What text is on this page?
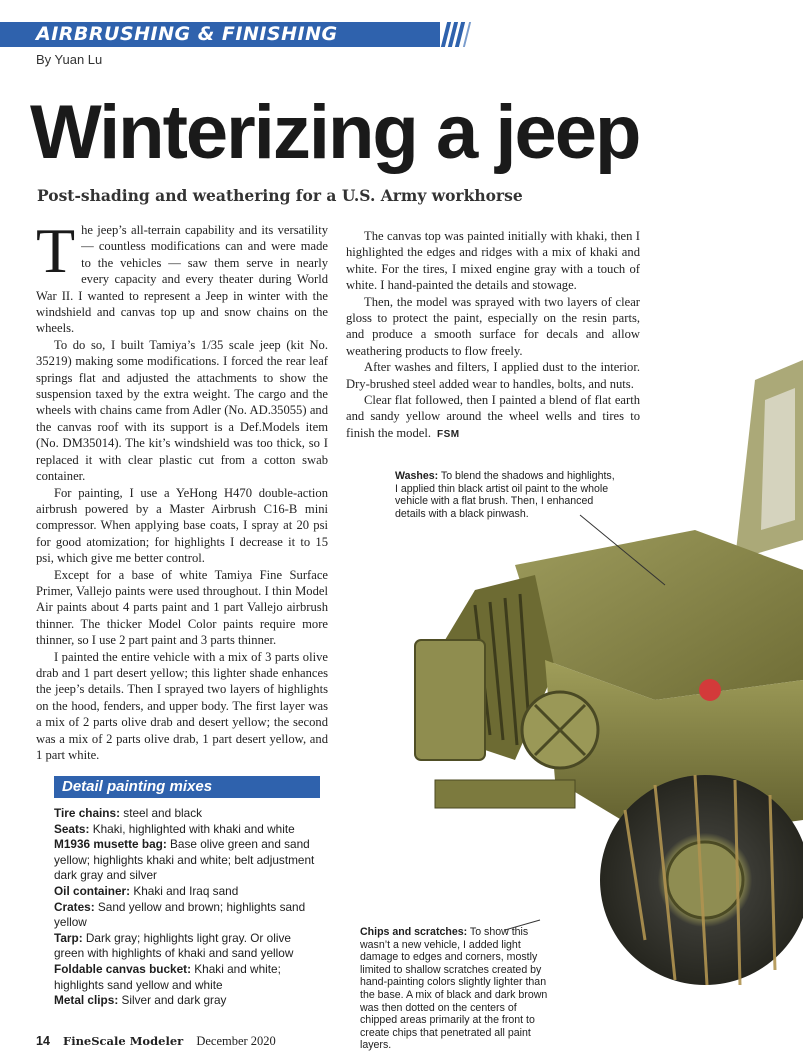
AIRBRUSHING & FINISHING
By Yuan Lu
Winterizing a jeep
Post-shading and weathering for a U.S. Army workhorse

The jeep’s all-terrain capability and its versatility — countless modifications can and were made to the vehicles — saw them serve in nearly every capacity and every theater during World War II. I wanted to represent a Jeep in winter with the windshield and canvas top up and snow chains on the wheels.

To do so, I built Tamiya’s 1/35 scale jeep (kit No. 35219) making some modifications. I forced the rear leaf springs flat and adjusted the attachments to show the suspension taxed by the extra weight. The cargo and the wheels with chains came from Adler (No. AD.35055) and the canvas roof with its support is a Def.Models item (No. DM35014). The kit’s windshield was too thick, so I replaced it with clear plastic cut from a cotton swab container.

For painting, I use a YeHong H470 double-action airbrush powered by a Master Airbrush C16-B mini compressor. When applying base coats, I spray at 20 psi for good atomization; for highlights I decrease it to 15 psi, which give me better control.

Except for a base of white Tamiya Fine Surface Primer, Vallejo paints were used throughout. I thin Model Air paints about 4 parts paint and 1 part Vallejo airbrush thinner. The thicker Model Color paints require more thinner, so I use 2 part paint and 3 parts thinner.

I painted the entire vehicle with a mix of 3 parts olive drab and 1 part desert yellow; this lighter shade enhances the jeep’s details. Then I sprayed two layers of highlights on the hood, fenders, and upper body. The first layer was a mix of 2 parts olive drab and desert yellow; the second was a mix of 2 parts olive drab, 1 part desert yellow, and 1 part white.

The canvas top was painted initially with khaki, then I highlighted the edges and ridges with a mix of khaki and white. For the tires, I mixed engine gray with a touch of white. I hand-painted the details and stowage.

Then, the model was sprayed with two layers of clear gloss to protect the paint, especially on the resin parts, and produce a smooth surface for decals and allow weathering products to flow freely.

After washes and filters, I applied dust to the interior. Dry-brushed steel added wear to handles, bolts, and nuts.

Clear flat followed, then I painted a blend of flat earth and sandy yellow around the wheel wells and tires to finish the model. FSM

Washes: To blend the shadows and highlights, I applied thin black artist oil paint to the whole vehicle with a flat brush. Then, I enhanced details with a black pinwash.
Chips and scratches: To show this wasn’t a new vehicle, I added light damage to edges and corners, mostly limited to shallow scratches created by hand-painting colors slightly lighter than the base. A mix of black and dark brown was then dotted on the centers of chipped areas primarily at the front to create chips that penetrated all paint layers.
Detail painting mixes

Tire chains: steel and black

Seats: Khaki, highlighted with khaki and white

M1936 musette bag: Base olive green and sand yellow; highlights khaki and white; belt adjustment dark gray and silver

Oil container: Khaki and Iraq sand

Crates: Sand yellow and brown; highlights sand yellow

Tarp: Dark gray; highlights light gray. Or olive green with highlights of khaki and sand yellow

Foldable canvas bucket: Khaki and white; highlights sand yellow and white

Metal clips: Silver and dark gray

14 FineScale Modeler December 2020
